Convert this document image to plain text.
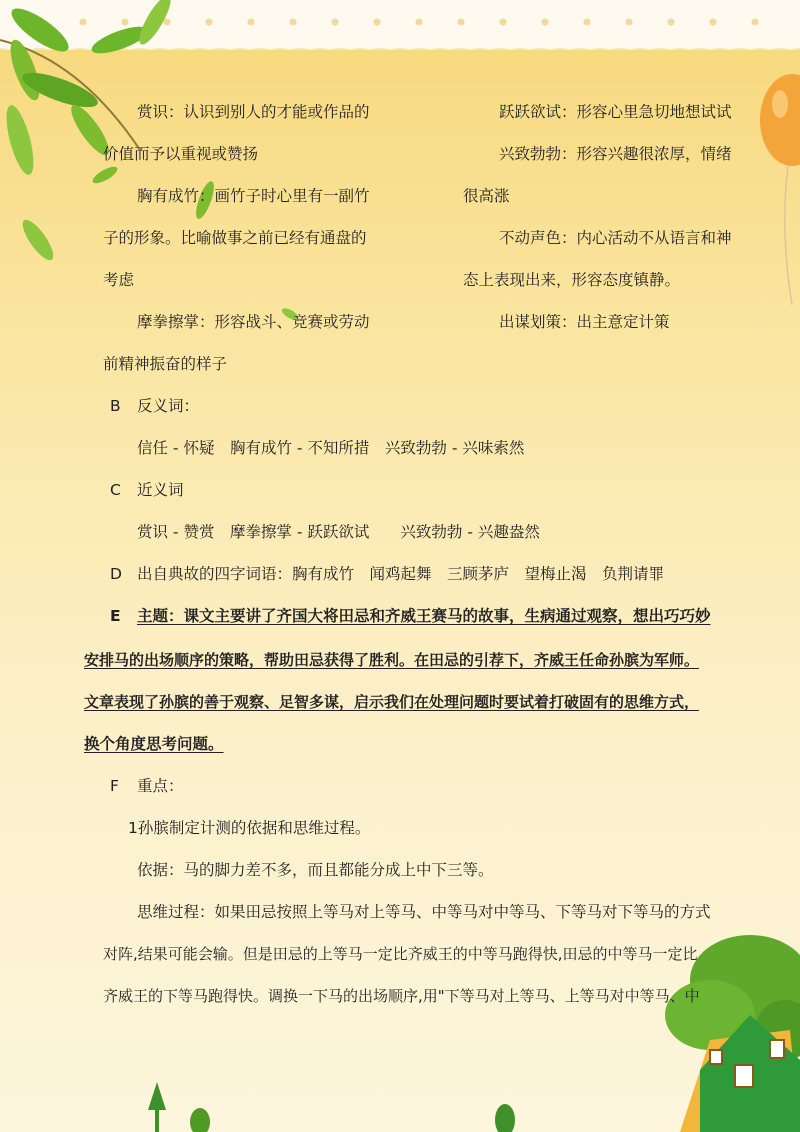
赏识：认识到别人的才能或作品的
价值而予以重视或赞扬
胸有成竹：画竹子时心里有一副竹
子的形象。比喻做事之前已经有通盘的
考虑
摩拳擦掌：形容战斗、竞赛或劳动
前精神振奋的样子
跃跃欲试：形容心里急切地想试试
兴致勃勃：形容兴趣很浓厚，情绪
很高涨
不动声色：内心活动不从语言和神
态上表现出来，形容态度镇静。
出谋划策：出主意定计策
B 反义词：
信任 - 怀疑　胸有成竹 - 不知所措　兴致勃勃 - 兴味索然
C 近义词
赏识 - 赞赏　摩拳擦掌 - 跃跃欲试　　兴致勃勃 - 兴趣盎然
D 出自典故的四字词语：胸有成竹　闻鸡起舞　三顾茅庐　望梅止渴　负荆请罪
E 主题：课文主要讲了齐国大将田忌和齐威王赛马的故事，生病通过观察，想出巧巧妙
安排马的出场顺序的策略，帮助田忌获得了胜利。在田忌的引荐下，齐威王任命孙膑为军师。
文章表现了孙膑的善于观察、足智多谋，启示我们在处理问题时要试着打破固有的思维方式，
换个角度思考问题。
F 重点：
1孙膑制定计测的依据和思维过程。
依据：马的脚力差不多，而且都能分成上中下三等。
思维过程：如果田忌按照上等马对上等马、中等马对中等马、下等马对下等马的方式
对阵,结果可能会输。但是田忌的上等马一定比齐威王的中等马跑得快,田忌的中等马一定比
齐威王的下等马跑得快。调换一下马的出场顺序,用"下等马对上等马、上等马对中等马、中
